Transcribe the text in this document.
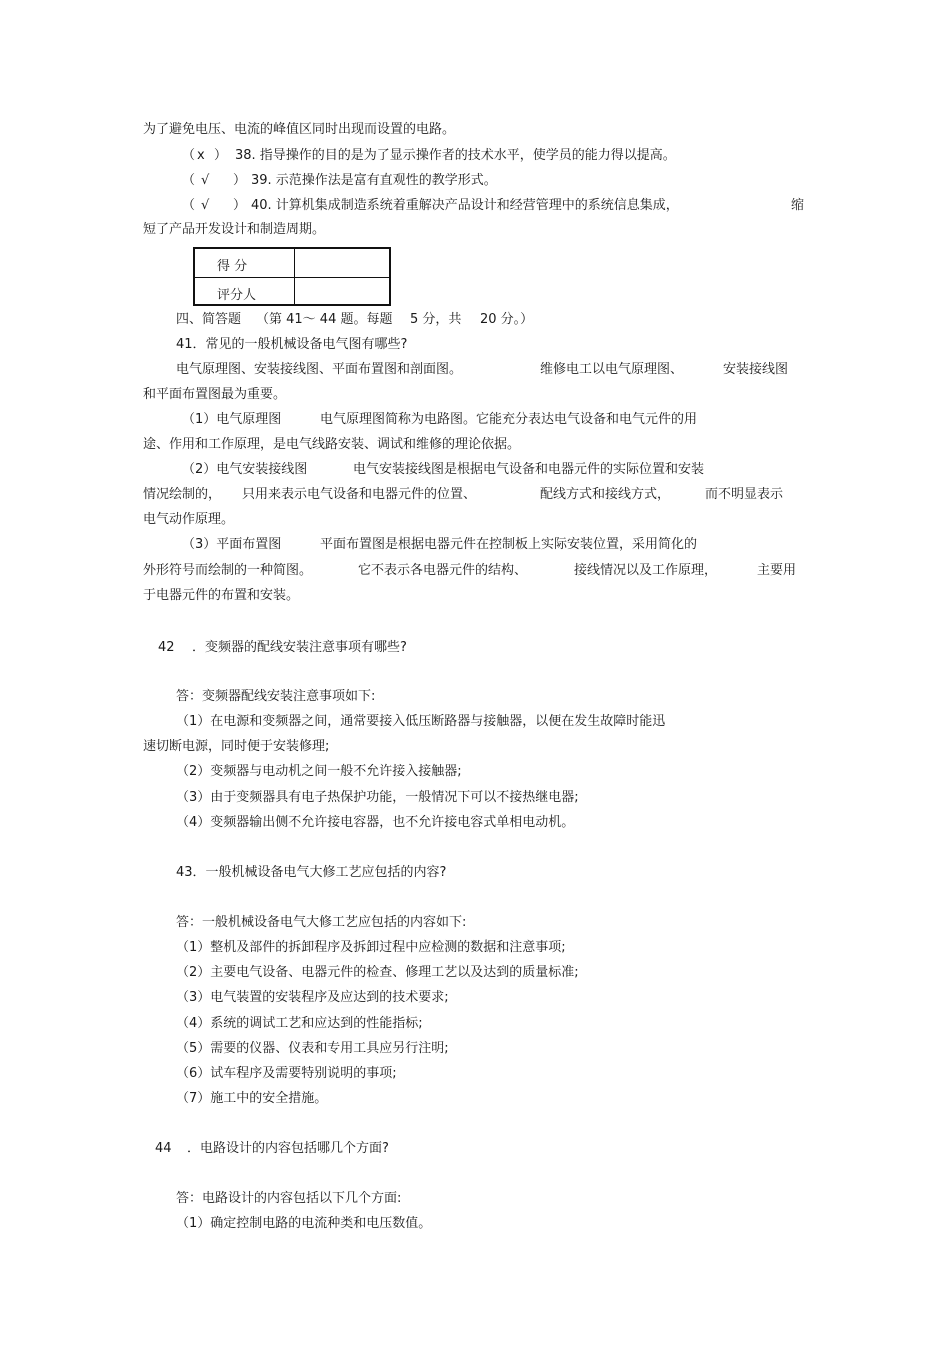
为了避免电压、电流的峰值区同时出现而设置的电路。
（ x ） 38. 指导操作的目的是为了显示操作者的技术水平，使学员的能力得以提高。
（ √ ） 39. 示范操作法是富有直观性的教学形式。
（ √ ） 40. 计算机集成制造系统着重解决产品设计和经营管理中的系统信息集成，	缩
短了产品开发设计和制造周期。
四、简答题 （第 41～ 44 题。每题 5 分，共 20 分。）
41．常见的一般机械设备电气图有哪些?
电气原理图、安装接线图、平面布置图和剖面图。	维修电工以电气原理图、	安装接线图
和平面布置图最为重要。
（1）电气原理图	电气原理图简称为电路图。它能充分表达电气设备和电气元件的用
途、作用和工作原理，是电气线路安装、调试和维修的理论依据。
（2）电气安装接线图	电气安装接线图是根据电气设备和电器元件的实际位置和安装
情况绘制的， 只用来表示电气设备和电器元件的位置、	配线方式和接线方式，	而不明显表示
电气动作原理。
（3）平面布置图	平面布置图是根据电器元件在控制板上实际安装位置，采用简化的
外形符号而绘制的一种简图。	它不表示各电器元件的结构、	接线情况以及工作原理，	主要用
于电器元件的布置和安装。
42 ．变频器的配线安装注意事项有哪些?
答：变频器配线安装注意事项如下:
（1）在电源和变频器之间，通常要接入低压断路器与接触器，以便在发生故障时能迅
速切断电源，同时便于安装修理;
（2）变频器与电动机之间一般不允许接入接触器;
（3）由于变频器具有电子热保护功能，一般情况下可以不接热继电器;
（4）变频器输出侧不允许接电容器，也不允许接电容式单相电动机。
43．一般机械设备电气大修工艺应包括的内容?
答：一般机械设备电气大修工艺应包括的内容如下:
（1）整机及部件的拆卸程序及拆卸过程中应检测的数据和注意事项;
（2）主要电气设备、电器元件的检查、修理工艺以及达到的质量标准;
（3）电气装置的安装程序及应达到的技术要求;
（4）系统的调试工艺和应达到的性能指标;
（5）需要的仪器、仪表和专用工具应另行注明;
（6）试车程序及需要特别说明的事项;
（7）施工中的安全措施。
44 ．电路设计的内容包括哪几个方面?
答：电路设计的内容包括以下几个方面:
（1）确定控制电路的电流种类和电压数值。
得 分
评分人
